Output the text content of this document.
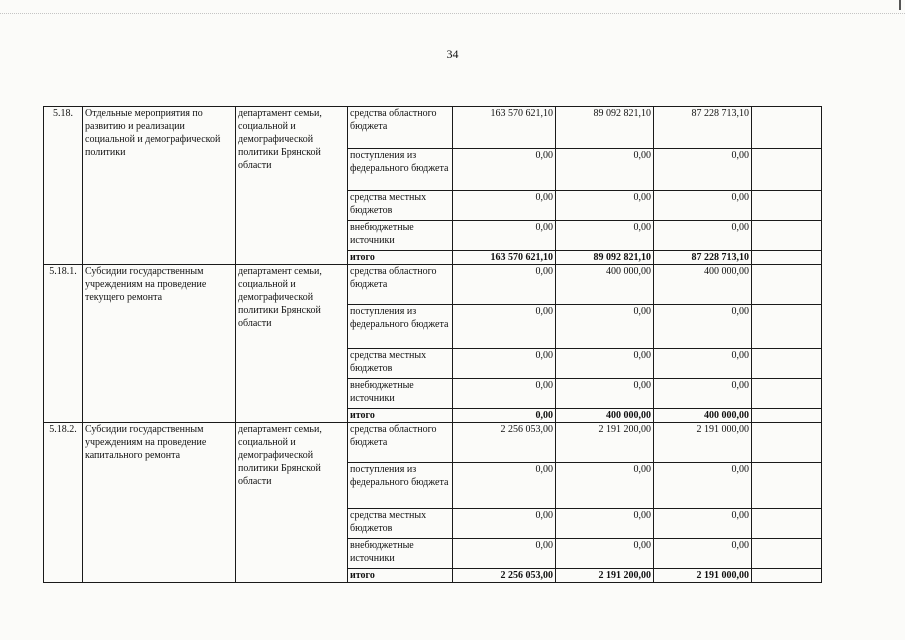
34
5.18.	Отдельные мероприятия по развитию и реализации социальной и демографической политики	департамент семьи, социальной и демографической политики Брянской области	средства областного бюджета	163 570 621,10	89 092 821,10	87 228 713,10	
			поступления из федерального бюджета	0,00	0,00	0,00	
			средства местных бюджетов	0,00	0,00	0,00	
			внебюджетные источники	0,00	0,00	0,00	
			итого	163 570 621,10	89 092 821,10	87 228 713,10	
5.18.1.	Субсидии государственным учреждениям на проведение текущего ремонта	департамент семьи, социальной и демографической политики Брянской области	средства областного бюджета	0,00	400 000,00	400 000,00	
			поступления из федерального бюджета	0,00	0,00	0,00	
			средства местных бюджетов	0,00	0,00	0,00	
			внебюджетные источники	0,00	0,00	0,00	
			итого	0,00	400 000,00	400 000,00	
5.18.2.	Субсидии государственным учреждениям на проведение капитального ремонта	департамент семьи, социальной и демографической политики Брянской области	средства областного бюджета	2 256 053,00	2 191 200,00	2 191 000,00	
			поступления из федерального бюджета	0,00	0,00	0,00	
			средства местных бюджетов	0,00	0,00	0,00	
			внебюджетные источники	0,00	0,00	0,00	
			итого	2 256 053,00	2 191 200,00	2 191 000,00	
